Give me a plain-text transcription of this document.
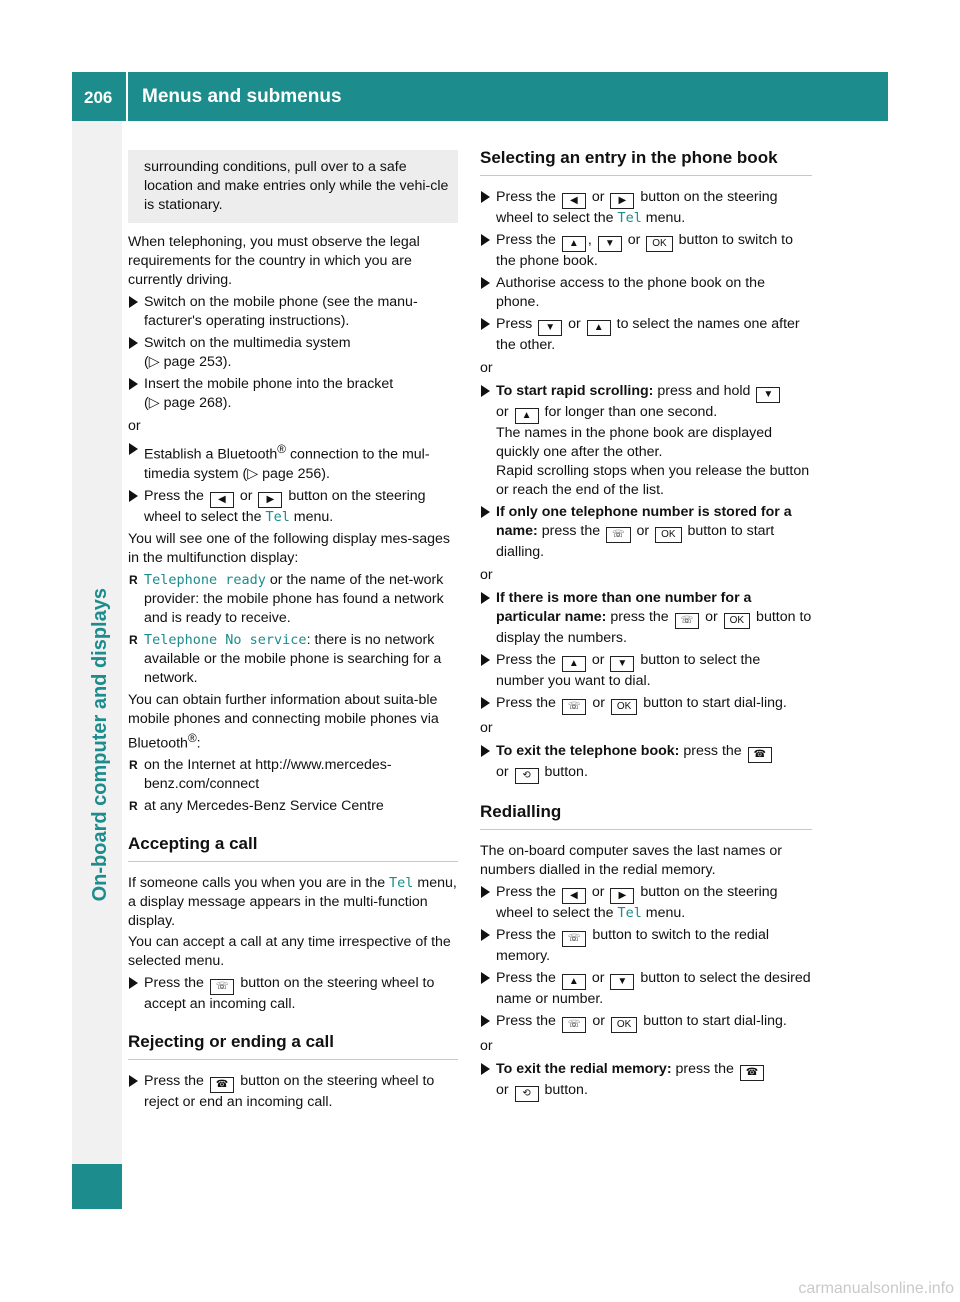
206 Menus and submenus
On-board computer and displays
surrounding conditions, pull over to a safe location and make entries only while the vehi-cle is stationary.

When telephoning, you must observe the legal requirements for the country in which you are currently driving.

Switch on the mobile phone (see the manu-facturer's operating instructions).
Switch on the multimedia system
(▷ page 253).
Insert the mobile phone into the bracket
(▷ page 268).

or

Establish a Bluetooth® connection to the mul-timedia system (▷ page 256).
Press the ◀ or ▶ button on the steering wheel to select the Tel menu.

You will see one of the following display mes-sages in the multifunction display:

R Telephone ready or the name of the net-work provider: the mobile phone has found a network and is ready to receive.
R Telephone No service: there is no network available or the mobile phone is searching for a network.

You can obtain further information about suita-ble mobile phones and connecting mobile phones via Bluetooth®:

R on the Internet at http://www.mercedes-benz.com/connect
R at any Mercedes-Benz Service Centre
Accepting a call

If someone calls you when you are in the Tel menu, a display message appears in the multi-function display.

You can accept a call at any time irrespective of the selected menu.

Press the ☏ button on the steering wheel to accept an incoming call.
Rejecting or ending a call
Press the ☎ button on the steering wheel to reject or end an incoming call.
Selecting an entry in the phone book
Press the ◀ or ▶ button on the steering wheel to select the Tel menu.
Press the ▲ , ▼ or OK button to switch to the phone book.
Authorise access to the phone book on the phone.
Press ▼ or ▲ to select the names one after the other.

or

To start rapid scrolling: press and hold ▼
or ▲ for longer than one second.
The names in the phone book are displayed quickly one after the other.
Rapid scrolling stops when you release the button or reach the end of the list.
If only one telephone number is stored for a name: press the ☏ or OK button to start dialling.

or

If there is more than one number for a particular name: press the ☏ or OK button to display the numbers.
Press the ▲ or ▼ button to select the number you want to dial.
Press the ☏ or OK button to start dial-ling.

or

To exit the telephone book: press the ☎
or ⟲ button.
Redialling

The on-board computer saves the last names or numbers dialled in the redial memory.

Press the ◀ or ▶ button on the steering wheel to select the Tel menu.
Press the ☏ button to switch to the redial memory.
Press the ▲ or ▼ button to select the desired name or number.
Press the ☏ or OK button to start dial-ling.

or

To exit the redial memory: press the ☎
or ⟲ button.
carmanualsonline.info
